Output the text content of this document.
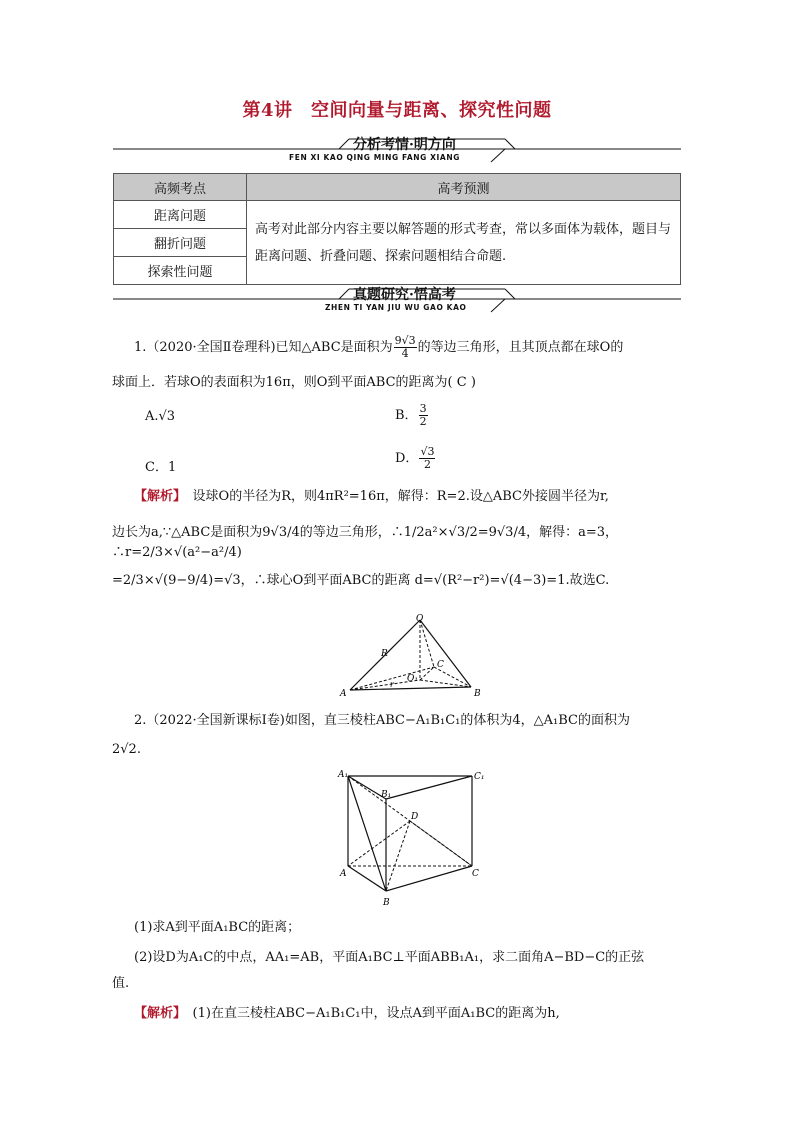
第4讲　空间向量与距离、探究性问题
分析考情·明方向
FEN XI KAO QING MING FANG XIANG
高频考点	高考预测
距离问题	高考对此部分内容主要以解答题的形式考查，常以多面体为载体，题目与距离问题、折叠问题、探索问题相结合命题.
翻折问题	
探索性问题	
真题研究·悟高考
ZHEN TI YAN JIU WU GAO KAO
1.（2020·全国Ⅱ卷理科)已知△ABC是面积为 $\frac{9√3}{4}$ 的等边三角形，且其顶点都在球O的
球面上．若球O的表面积为16π，则O到平面ABC的距离为( C )
A.√3	B． $\frac{3}{2}$
C．1
D． $\frac{√3}{2}$
【解析】　 设球O的半径为R，则4πR²=16π，解得：R=2.设△ABC外接圆半径为r,
边长为a,∵△ABC是面积为9√3/4的等边三角形，∴1/2a²×√3/2=9√3/4，解得：a=3，∴r=2/3×√(a²−a²/4)
=2/3×√(9−9/4)=√3，∴球心O到平面ABC的距离 d=√(R²−r²)=√(4−3)=1.故选C.
O
A	B
C
R
r
O₁
2.（2022·全国新课标Ⅰ卷)如图，直三棱柱ABC−A₁B₁C₁的体积为4，△A₁BC的面积为
2√2.
A₁
B₁
C₁
D
A	C
B
(1)求A到平面A₁BC的距离；
(2)设D为A₁C的中点，AA₁=AB，平面A₁BC⊥平面ABB₁A₁，求二面角A−BD−C的正弦
值.
【解析】　 (1)在直三棱柱ABC−A₁B₁C₁中，设点A到平面A₁BC的距离为h,
